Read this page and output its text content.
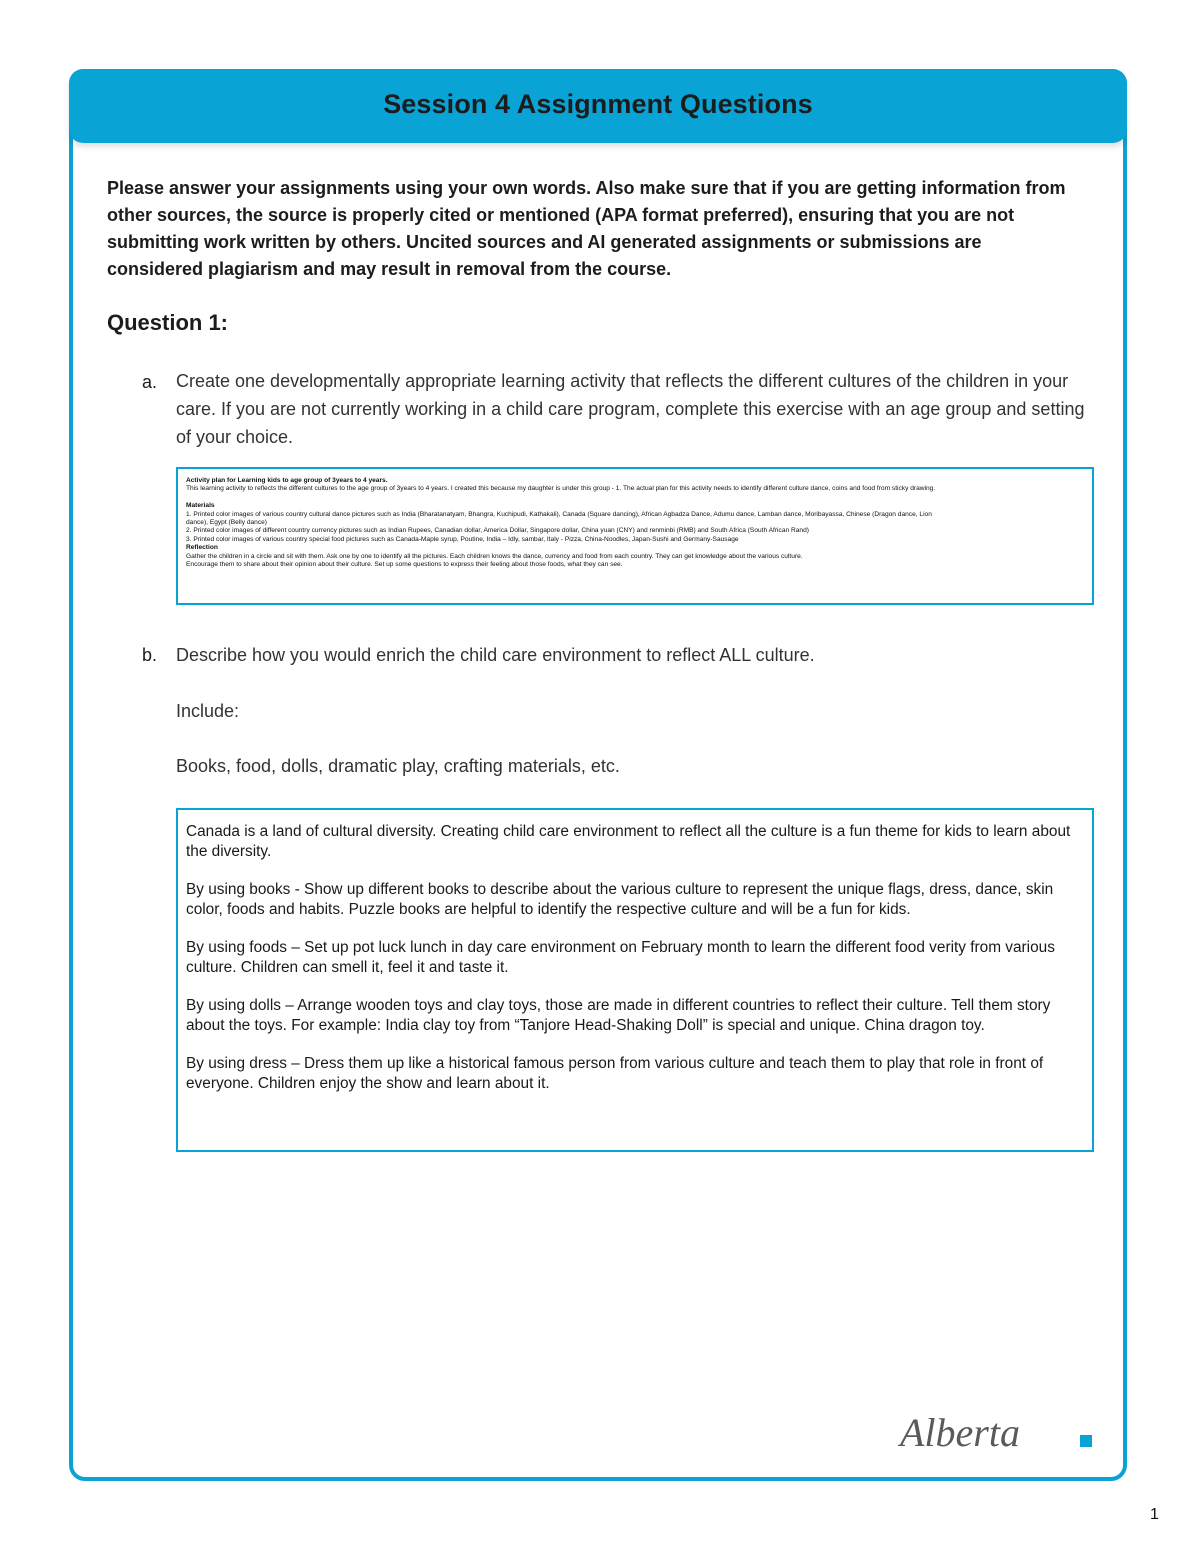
Session 4 Assignment Questions
Please answer your assignments using your own words. Also make sure that if you are getting information from other sources, the source is properly cited or mentioned (APA format preferred), ensuring that you are not submitting work written by others. Uncited sources and AI generated assignments or submissions are considered plagiarism and may result in removal from the course.
Question 1:
a. Create one developmentally appropriate learning activity that reflects the different cultures of the children in your care. If you are not currently working in a child care program, complete this exercise with an age group and setting of your choice.
Activity plan for Learning kids to age group of 3years to 4 years.
This learning activity to reflects the different cultures to the age group of 3years to 4 years. I created this because my daughter is under this group - 1. The actual plan for this activity needs to identify different culture dance, coins and food from sticky drawing.

Materials
1. Printed color images of various country cultural dance pictures such as India (Bharatanatyam, Bhangra, Kuchipudi, Kathakali), Canada (Square dancing), African Agbadza Dance, Adumu dance, Lamban dance, Moribayassa, Chinese (Dragon dance, Lion
dance), Egypt (Belly dance)
2. Printed color images of different country currency pictures such as Indian Rupees, Canadian dollar, America Dollar, Singapore dollar, China yuan (CNY) and renminbi (RMB) and South Africa (South African Rand)
3. Printed color images of various country special food pictures such as Canada-Maple syrup, Poutine, India – Idly, sambar, Italy - Pizza, China-Noodles, Japan-Sushi and Germany-Sausage
Reflection
Gather the children in a circle and sit with them. Ask one by one to identify all the pictures. Each children knows the dance, currency and food from each country. They can get knowledge about the various culture.
Encourage them to share about their opinion about their culture. Set up some questions to express their feeling about those foods, what they can see.
b. Describe how you would enrich the child care environment to reflect ALL culture.
Include:
Books, food, dolls, dramatic play, crafting materials, etc.

Canada is a land of cultural diversity. Creating child care environment to reflect all the culture is a fun theme for kids to learn about the diversity.

By using books - Show up different books to describe about the various culture to represent the unique flags, dress, dance, skin color, foods and habits. Puzzle books are helpful to identify the respective culture and will be a fun for kids.

By using foods – Set up pot luck lunch in day care environment on February month to learn the different food verity from various culture. Children can smell it, feel it and taste it.

By using dolls – Arrange wooden toys and clay toys, those are made in different countries to reflect their culture. Tell them story about the toys. For example: India clay toy from “Tanjore Head-Shaking Doll” is special and unique. China dragon toy.

By using dress – Dress them up like a historical famous person from various culture and teach them to play that role in front of everyone. Children enjoy the show and learn about it.

Alberta
1
